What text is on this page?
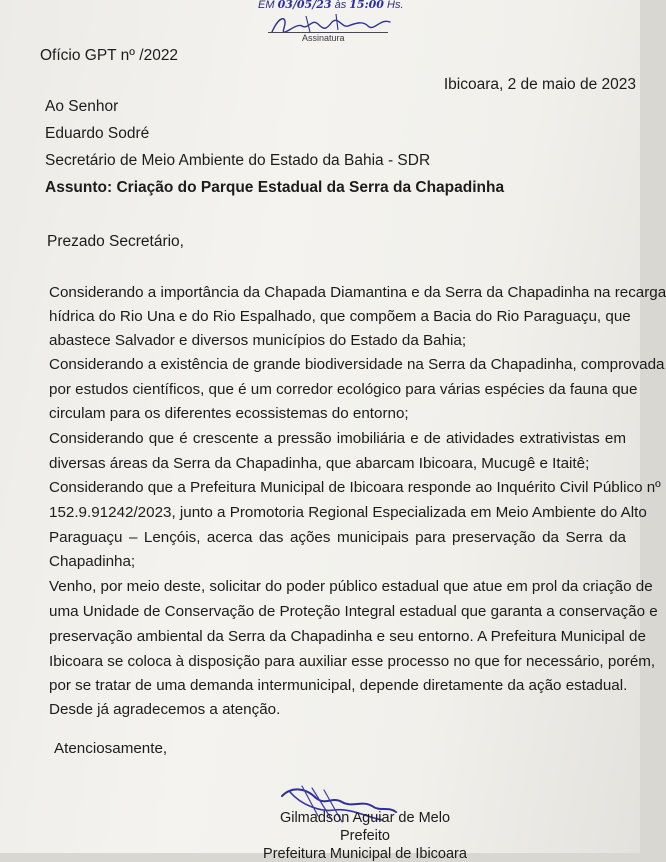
EM 03/05/23 às 15:00 Hs.
Assinatura
Ofício GPT nº /2022
Ibicoara, 2 de maio de 2023
Ao Senhor
Eduardo Sodré
Secretário de Meio Ambiente do Estado da Bahia - SDR
Assunto: Criação do Parque Estadual da Serra da Chapadinha
Prezado Secretário,
Considerando a importância da Chapada Diamantina e da Serra da Chapadinha na recarga
hídrica do Rio Una e do Rio Espalhado, que compõem a Bacia do Rio Paraguaçu, que
abastece Salvador e diversos municípios do Estado da Bahia;
Considerando a existência de grande biodiversidade na Serra da Chapadinha, comprovada
por estudos científicos, que é um corredor ecológico para várias espécies da fauna que
circulam para os diferentes ecossistemas do entorno;
Considerando que é crescente a pressão imobiliária e de atividades extrativistas em
diversas áreas da Serra da Chapadinha, que abarcam Ibicoara, Mucugê e Itaitê;
Considerando que a Prefeitura Municipal de Ibicoara responde ao Inquérito Civil Público nº
152.9.91242/2023, junto a Promotoria Regional Especializada em Meio Ambiente do Alto
Paraguaçu – Lençóis, acerca das ações municipais para preservação da Serra da
Chapadinha;
Venho, por meio deste, solicitar do poder público estadual que atue em prol da criação de
uma Unidade de Conservação de Proteção Integral estadual que garanta a conservação e
preservação ambiental da Serra da Chapadinha e seu entorno. A Prefeitura Municipal de
Ibicoara se coloca à disposição para auxiliar esse processo no que for necessário, porém,
por se tratar de uma demanda intermunicipal, depende diretamente da ação estadual.
Desde já agradecemos a atenção.
Atenciosamente,
Gilmadson Aguiar de Melo
Prefeito
Prefeitura Municipal de Ibicoara
